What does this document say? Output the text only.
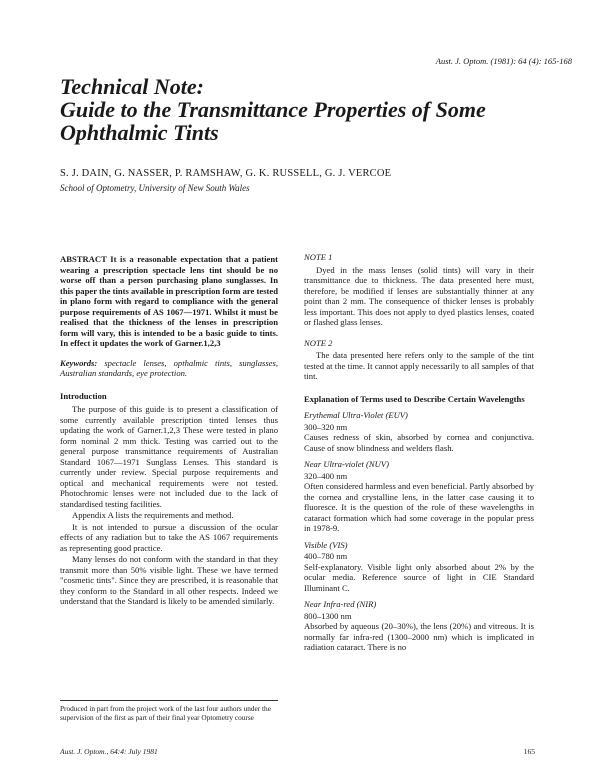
Aust. J. Optom. (1981): 64 (4): 165-168
Technical Note:
Guide to the Transmittance Properties of Some
Ophthalmic Tints
S. J. DAIN, G. NASSER, P. RAMSHAW, G. K. RUSSELL, G. J. VERCOE
School of Optometry, University of New South Wales

ABSTRACT It is a reasonable expectation that a patient wearing a prescription spectacle lens tint should be no worse off than a person purchasing plano sunglasses. In this paper the tints available in prescription form are tested in plano form with regard to compliance with the general purpose requirements of AS 1067—1971. Whilst it must be realised that the thickness of the lenses in prescription form will vary, this is intended to be a basic guide to tints. In effect it updates the work of Garner.1,2,3

Keywords: spectacle lenses, opthalmic tints, sunglasses, Australian standards, eye protection.

Introduction

The purpose of this guide is to present a classification of some currently available prescription tinted lenses thus updating the work of Garner.1,2,3 These were tested in plano form nominal 2 mm thick. Testing was carried out to the general purpose transmittance requirements of Australian Standard 1067—1971 Sunglass Lenses. This standard is currently under review. Special purpose requirements and optical and mechanical requirements were not tested. Photochromic lenses were not included due to the lack of standardised testing facilities.

Appendix A lists the requirements and method.

It is not intended to pursue a discussion of the ocular effects of any radiation but to take the AS 1067 requirements as representing good practice.

Many lenses do not conform with the standard in that they transmit more than 50% visible light. These we have termed "cosmetic tints". Since they are prescribed, it is reasonable that they conform to the Standard in all other respects. Indeed we understand that the Standard is likely to be amended similarly.

Produced in part from the project work of the last four authors under the supervision of the first as part of their final year Optometry course
NOTE 1

Dyed in the mass lenses (solid tints) will vary in their transmittance due to thickness. The data presented here must, therefore, be modified if lenses are substantially thinner at any point than 2 mm. The consequence of thicker lenses is probably less important. This does not apply to dyed plastics lenses, coated or flashed glass lenses.

NOTE 2

The data presented here refers only to the sample of the tint tested at the time. It cannot apply necessarily to all samples of that tint.

Explanation of Terms used to Describe Certain Wavelengths
Erythemal Ultra-Violet (EUV)
300–320 nm

Causes redness of skin, absorbed by cornea and conjunctiva. Cause of snow blindness and welders flash.

Near Ultra-violet (NUV)
320–400 nm

Often considered harmless and even beneficial. Partly absorbed by the cornea and crystalline lens, in the latter case causing it to fluoresce. It is the question of the role of these wavelengths in cataract formation which had some coverage in the popular press in 1978-9.

Visible (VIS)
400–780 nm

Self-explanatory. Visible light only absorbed about 2% by the ocular media. Reference source of light in CIE Standard Illuminant C.

Near Infra-red (NIR)
800–1300 nm

Absorbed by aqueous (20–30%), the lens (20%) and vitreous. It is normally far infra-red (1300–2000 nm) which is implicated in radiation cataract. There is no

Aust. J. Optom., 64:4: July 1981	165
